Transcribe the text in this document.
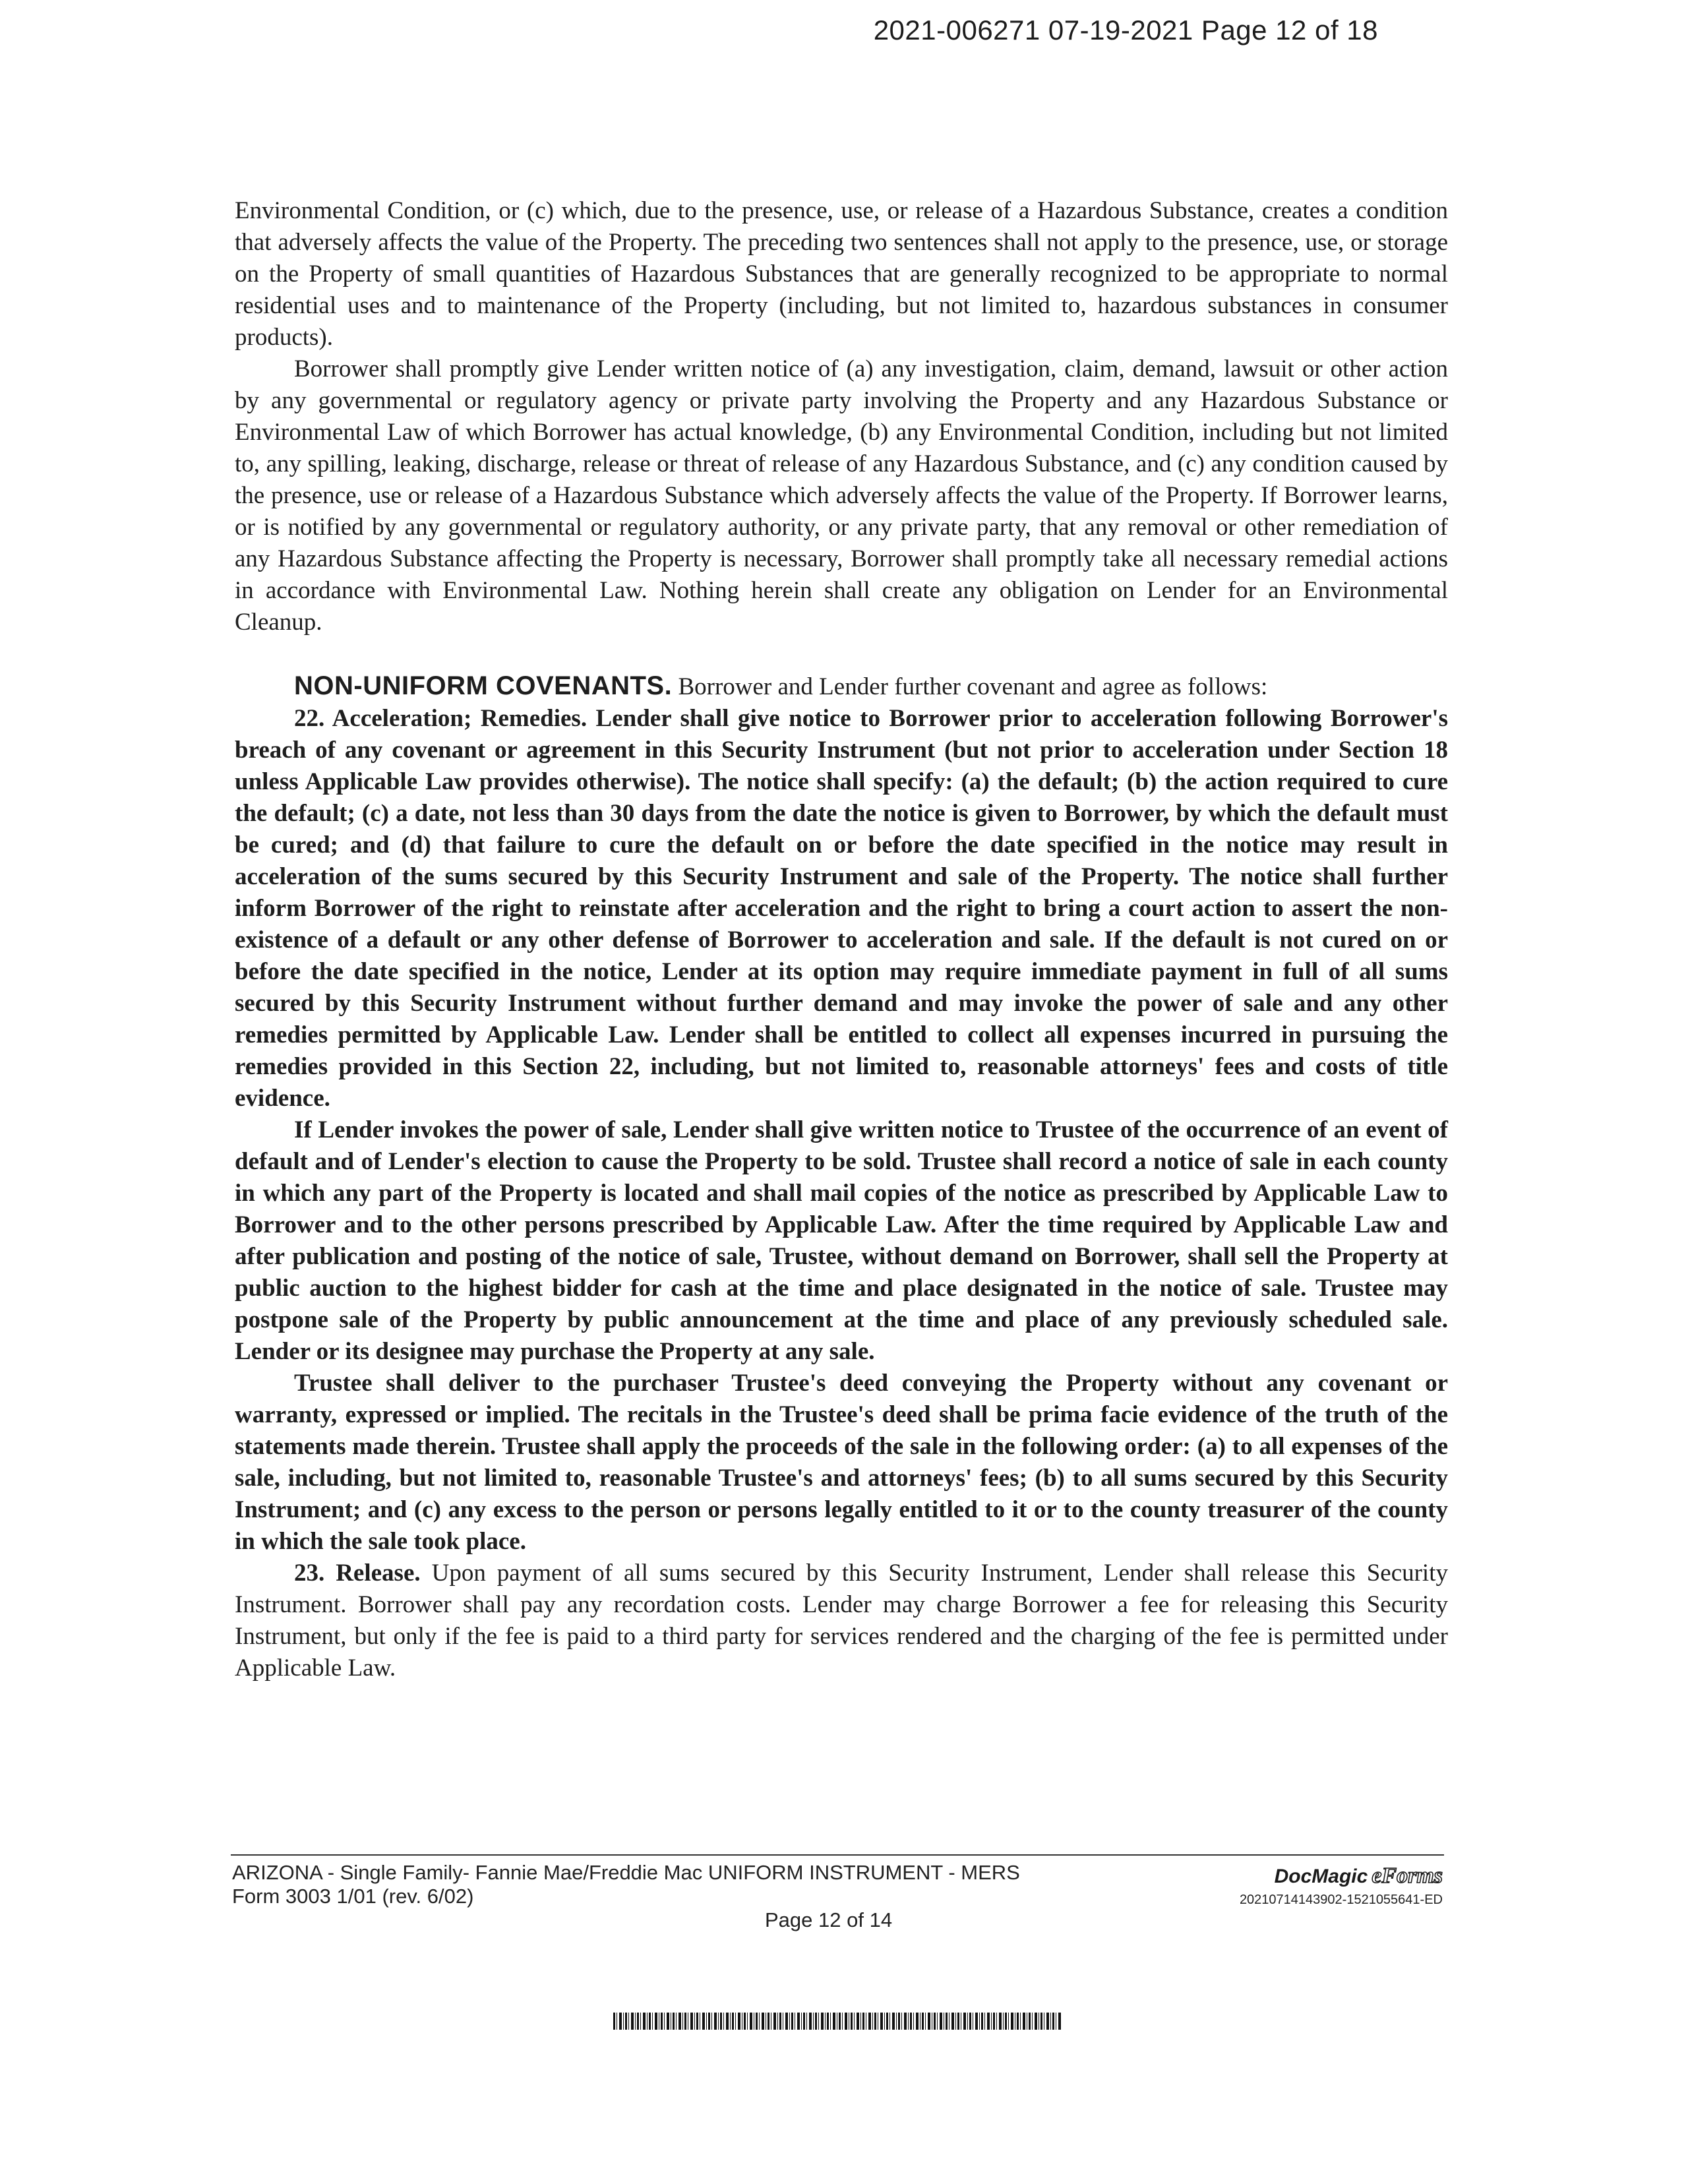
2021-006271 07-19-2021 Page 12 of 18

Environmental Condition, or (c) which, due to the presence, use, or release of a Hazardous Substance, creates a condition that adversely affects the value of the Property. The preceding two sentences shall not apply to the presence, use, or storage on the Property of small quantities of Hazardous Substances that are generally recognized to be appropriate to normal residential uses and to maintenance of the Property (including, but not limited to, hazardous substances in consumer products).

Borrower shall promptly give Lender written notice of (a) any investigation, claim, demand, lawsuit or other action by any governmental or regulatory agency or private party involving the Property and any Hazardous Substance or Environmental Law of which Borrower has actual knowledge, (b) any Environmental Condition, including but not limited to, any spilling, leaking, discharge, release or threat of release of any Hazardous Substance, and (c) any condition caused by the presence, use or release of a Hazardous Substance which adversely affects the value of the Property. If Borrower learns, or is notified by any governmental or regulatory authority, or any private party, that any removal or other remediation of any Hazardous Substance affecting the Property is necessary, Borrower shall promptly take all necessary remedial actions in accordance with Environmental Law. Nothing herein shall create any obligation on Lender for an Environmental Cleanup.

NON-UNIFORM COVENANTS. Borrower and Lender further covenant and agree as follows:

22. Acceleration; Remedies. Lender shall give notice to Borrower prior to acceleration following Borrower's breach of any covenant or agreement in this Security Instrument (but not prior to acceleration under Section 18 unless Applicable Law provides otherwise). The notice shall specify: (a) the default; (b) the action required to cure the default; (c) a date, not less than 30 days from the date the notice is given to Borrower, by which the default must be cured; and (d) that failure to cure the default on or before the date specified in the notice may result in acceleration of the sums secured by this Security Instrument and sale of the Property. The notice shall further inform Borrower of the right to reinstate after acceleration and the right to bring a court action to assert the non-existence of a default or any other defense of Borrower to acceleration and sale. If the default is not cured on or before the date specified in the notice, Lender at its option may require immediate payment in full of all sums secured by this Security Instrument without further demand and may invoke the power of sale and any other remedies permitted by Applicable Law. Lender shall be entitled to collect all expenses incurred in pursuing the remedies provided in this Section 22, including, but not limited to, reasonable attorneys' fees and costs of title evidence.

If Lender invokes the power of sale, Lender shall give written notice to Trustee of the occurrence of an event of default and of Lender's election to cause the Property to be sold. Trustee shall record a notice of sale in each county in which any part of the Property is located and shall mail copies of the notice as prescribed by Applicable Law to Borrower and to the other persons prescribed by Applicable Law. After the time required by Applicable Law and after publication and posting of the notice of sale, Trustee, without demand on Borrower, shall sell the Property at public auction to the highest bidder for cash at the time and place designated in the notice of sale. Trustee may postpone sale of the Property by public announcement at the time and place of any previously scheduled sale. Lender or its designee may purchase the Property at any sale.

Trustee shall deliver to the purchaser Trustee's deed conveying the Property without any covenant or warranty, expressed or implied. The recitals in the Trustee's deed shall be prima facie evidence of the truth of the statements made therein. Trustee shall apply the proceeds of the sale in the following order: (a) to all expenses of the sale, including, but not limited to, reasonable Trustee's and attorneys' fees; (b) to all sums secured by this Security Instrument; and (c) any excess to the person or persons legally entitled to it or to the county treasurer of the county in which the sale took place.

23. Release. Upon payment of all sums secured by this Security Instrument, Lender shall release this Security Instrument. Borrower shall pay any recordation costs. Lender may charge Borrower a fee for releasing this Security Instrument, but only if the fee is paid to a third party for services rendered and the charging of the fee is permitted under Applicable Law.

ARIZONA - Single Family- Fannie Mae/Freddie Mac UNIFORM INSTRUMENT - MERS
Form 3003 1/01 (rev. 6/02)
Page 12 of 14
DocMagic eForms
20210714143902-1521055641-ED
